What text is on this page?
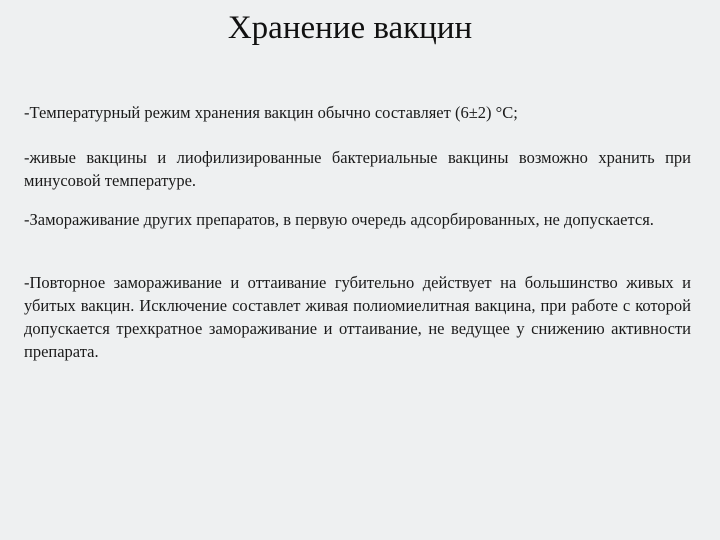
Хранение вакцин

-Температурный режим хранения вакцин обычно составляет (6±2) °С;

-живые вакцины и лиофилизированные бактериальные вакцины возможно хранить при минусовой температуре.

-Замораживание других препаратов, в первую очередь адсорбированных, не допускается.

-Повторное замораживание и оттаивание губительно действует на большинство живых и убитых вакцин. Исключение составлет живая полиомиелитная вакцина, при работе с которой допускается трехкратное замораживание и оттаивание, не ведущее у снижению активности препарата.
